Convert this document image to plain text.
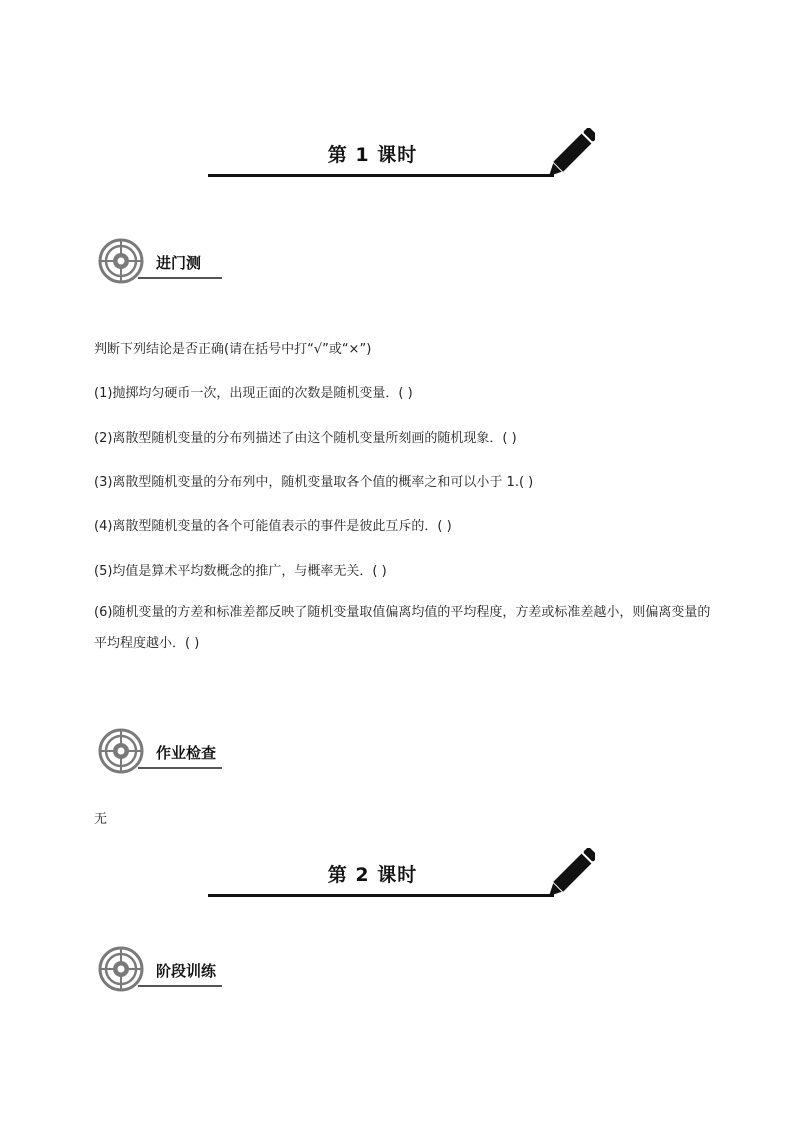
第 1 课时
进门测
判断下列结论是否正确(请在括号中打“√”或“×”)
(1)抛掷均匀硬币一次，出现正面的次数是随机变量．( )
(2)离散型随机变量的分布列描述了由这个随机变量所刻画的随机现象．( )
(3)离散型随机变量的分布列中，随机变量取各个值的概率之和可以小于 1.( )
(4)离散型随机变量的各个可能值表示的事件是彼此互斥的．( )
(5)均值是算术平均数概念的推广，与概率无关．( )
(6)随机变量的方差和标准差都反映了随机变量取值偏离均值的平均程度，方差或标准差越小，则偏离变量的平均程度越小．( )
作业检查
无
第 2 课时
阶段训练
